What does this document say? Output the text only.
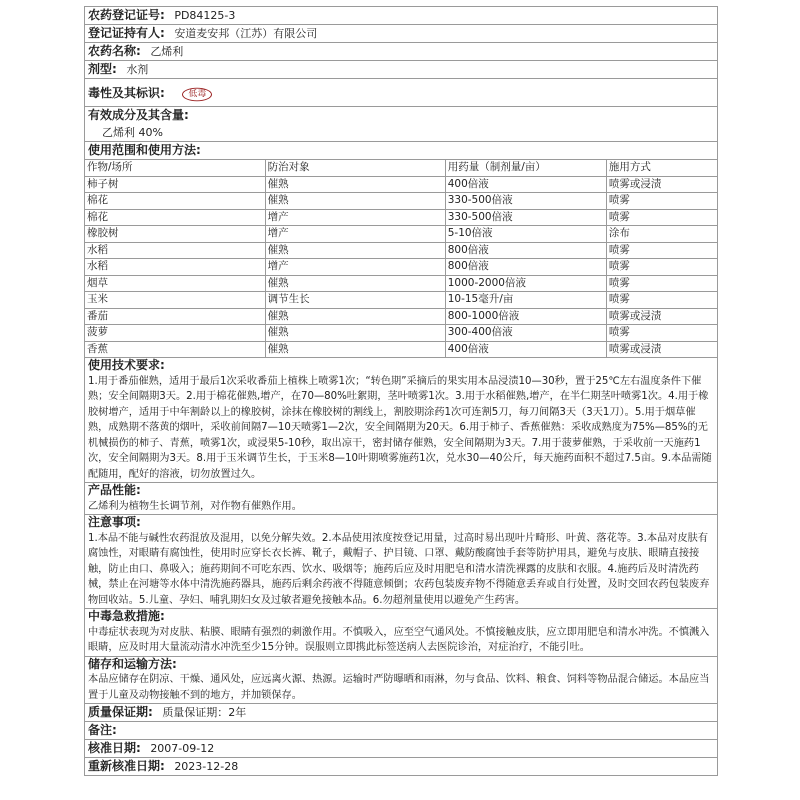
农药登记证号: PD84125-3
登记证持有人: 安道麦安邦（江苏）有限公司
农药名称: 乙烯利
剂型: 水剂
毒性及其标识:	低毒
有效成分及其含量:
乙烯利 40%
使用范围和使用方法:
作物/场所	防治对象	用药量（制剂量/亩）	施用方式
柿子树	催熟	400倍液	喷雾或浸渍
棉花	催熟	330-500倍液	喷雾
棉花	增产	330-500倍液	喷雾
橡胶树	增产	5-10倍液	涂布
水稻	催熟	800倍液	喷雾
水稻	增产	800倍液	喷雾
烟草	催熟	1000-2000倍液	喷雾
玉米	调节生长	10-15毫升/亩	喷雾
番茄	催熟	800-1000倍液	喷雾或浸渍
菠萝	催熟	300-400倍液	喷雾
香蕉	催熟	400倍液	喷雾或浸渍
使用技术要求:

1.用于番茄催熟，适用于最后1次采收番茄上植株上喷雾1次；“转色期”采摘后的果实用本品浸渍10—30秒，置于25℃左右温度条件下催熟；安全间隔期3天。2.用于棉花催熟,增产，在70—80%吐絮期，茎叶喷雾1次。3.用于水稻催熟,增产，在半仁期茎叶喷雾1次。4.用于橡胶树增产，适用于中年割龄以上的橡胶树，涂抹在橡胶树的割线上，割胶期涂药1次可连割5刀，每刀间隔3天（3天1刀）。5.用于烟草催熟，成熟期不落黄的烟叶，采收前间隔7—10天喷雾1—2次，安全间隔期为20天。6.用于柿子、香蕉催熟：采收成熟度为75%—85%的无机械损伤的柿子、青蕉，喷雾1次，或浸果5-10秒，取出凉干，密封储存催熟，安全间隔期为3天。7.用于菠萝催熟，于采收前一天施药1次，安全间隔期为3天。8.用于玉米调节生长，于玉米8—10叶期喷雾施药1次，兑水30—40公斤，每天施药面积不超过7.5亩。9.本品需随配随用，配好的溶液，切勿放置过久。

产品性能:

乙烯利为植物生长调节剂，对作物有催熟作用。

注意事项:

1.本品不能与碱性农药混放及混用，以免分解失效。2.本品使用浓度按登记用量，过高时易出现叶片畸形、叶黄、落花等。3.本品对皮肤有腐蚀性，对眼睛有腐蚀性，使用时应穿长衣长裤、靴子，戴帽子、护目镜、口罩、戴防酸腐蚀手套等防护用具，避免与皮肤、眼睛直接接触，防止由口、鼻吸入；施药期间不可吃东西、饮水、吸烟等；施药后应及时用肥皂和清水清洗裸露的皮肤和衣服。4.施药后及时清洗药械，禁止在河塘等水体中清洗施药器具，施药后剩余药液不得随意倾倒；农药包装废弃物不得随意丢弃或自行处置，及时交回农药包装废弃物回收站。5.儿童、孕妇、哺乳期妇女及过敏者避免接触本品。6.勿超剂量使用以避免产生药害。

中毒急救措施:

中毒症状表现为对皮肤、粘膜、眼睛有强烈的刺激作用。不慎吸入，应至空气通风处。不慎接触皮肤，应立即用肥皂和清水冲洗。不慎溅入眼睛，应及时用大量流动清水冲洗至少15分钟。误服则立即携此标签送病人去医院诊治，对症治疗，不能引吐。

储存和运输方法:

本品应储存在阴凉、干燥、通风处，应远离火源、热源。运输时严防曝晒和雨淋，勿与食品、饮料、粮食、饲料等物品混合储运。本品应当置于儿童及动物接触不到的地方，并加锁保存。

质量保证期: 质量保证期：2年
备注:
核准日期: 2007-09-12
重新核准日期: 2023-12-28
